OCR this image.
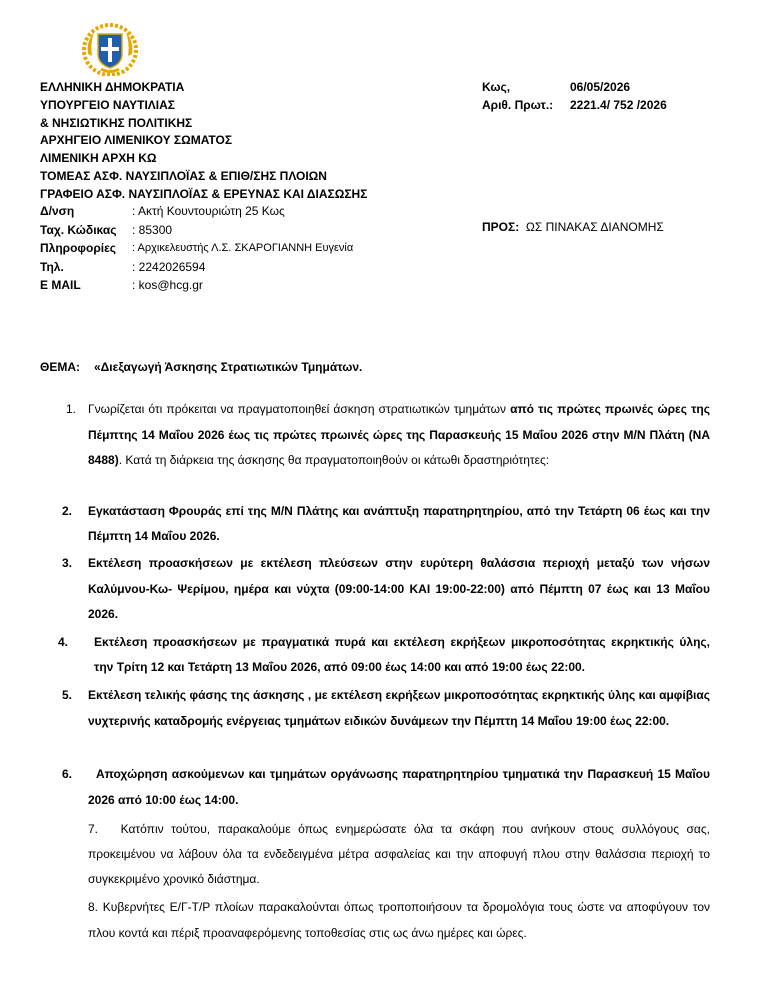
ΕΛΛΗΝΙΚΗ ΔΗΜΟΚΡΑΤΙΑ
ΥΠΟΥΡΓΕΙΟ ΝΑΥΤΙΛΙΑΣ
& ΝΗΣΙΩΤΙΚΗΣ ΠΟΛΙΤΙΚΗΣ
ΑΡΧΗΓΕΙΟ ΛΙΜΕΝΙΚΟΥ ΣΩΜΑΤΟΣ
ΛΙΜΕΝΙΚΗ ΑΡΧΗ ΚΩ
ΤΟΜΕΑΣ ΑΣΦ. ΝΑΥΣΙΠΛΟΪΑΣ & ΕΠΙΘ/ΣΗΣ ΠΛΟΙΩΝ
ΓΡΑΦΕΙΟ ΑΣΦ. ΝΑΥΣΙΠΛΟΪΑΣ & ΕΡΕΥΝΑΣ ΚΑΙ ΔΙΑΣΩΣΗΣ
Δ/νση	: Ακτή Κουντουριώτη 25 Κως
Ταχ. Κώδικας : 85300
Πληροφορίες : Αρχικελευστής Λ.Σ. ΣΚΑΡΟΓΙΑΝΝΗ Ευγενία
Τηλ.	: 2242026594
E MAIL	: kos@hcg.gr
Κως,	06/05/2026
Αριθ. Πρωτ.: 2221.4/ 752 /2026
ΠΡΟΣ: ΩΣ ΠΙΝΑΚΑΣ ΔΙΑΝΟΜΗΣ
ΘΕΜΑ: «Διεξαγωγή Άσκησης Στρατιωτικών Τμημάτων.
1. Γνωρίζεται ότι πρόκειται να πραγματοποιηθεί άσκηση στρατιωτικών τμημάτων από τις πρώτες πρωινές ώρες της Πέμπτης 14 Μαΐου 2026 έως τις πρώτες πρωινές ώρες της Παρασκευής 15 Μαΐου 2026 στην Μ/Ν Πλάτη (ΝΑ 8488). Κατά τη διάρκεια της άσκησης θα πραγματοποιηθούν οι κάτωθι δραστηριότητες:
2. Εγκατάσταση Φρουράς επί της Μ/Ν Πλάτης και ανάπτυξη παρατηρητηρίου, από την Τετάρτη 06 έως και την Πέμπτη 14 Μαΐου 2026.
3. Εκτέλεση προασκήσεων με εκτέλεση πλεύσεων στην ευρύτερη θαλάσσια περιοχή μεταξύ των νήσων Καλύμνου-Κω- Ψερίμου, ημέρα και νύχτα (09:00-14:00 ΚΑΙ 19:00-22:00) από Πέμπτη 07 έως και 13 Μαΐου 2026.
4. Εκτέλεση προασκήσεων με πραγματικά πυρά και εκτέλεση εκρήξεων μικροποσότητας εκρηκτικής ύλης, την Τρίτη 12 και Τετάρτη 13 Μαΐου 2026, από 09:00 έως 14:00 και από 19:00 έως 22:00.
5. Εκτέλεση τελικής φάσης της άσκησης , με εκτέλεση εκρήξεων μικροποσότητας εκρηκτικής ύλης και αμφίβιας νυχτερινής καταδρομής ενέργειας τμημάτων ειδικών δυνάμεων την Πέμπτη 14 Μαΐου 19:00 έως 22:00.
6.	Αποχώρηση ασκούμενων και τμημάτων οργάνωσης παρατηρητηρίου τμηματικά την Παρασκευή 15 Μαΐου 2026 από 10:00 έως 14:00.
7. Κατόπιν τούτου, παρακαλούμε όπως ενημερώσατε όλα τα σκάφη που ανήκουν στους συλλόγους σας, προκειμένου να λάβουν όλα τα ενδεδειγμένα μέτρα ασφαλείας και την αποφυγή πλου στην θαλάσσια περιοχή το συγκεκριμένο χρονικό διάστημα.
8. Κυβερνήτες Ε/Γ-Τ/Ρ πλοίων παρακαλούνται όπως τροποποιήσουν τα δρομολόγια τους ώστε να αποφύγουν τον πλου κοντά και πέριξ προαναφερόμενης τοποθεσίας στις ως άνω ημέρες και ώρες.
